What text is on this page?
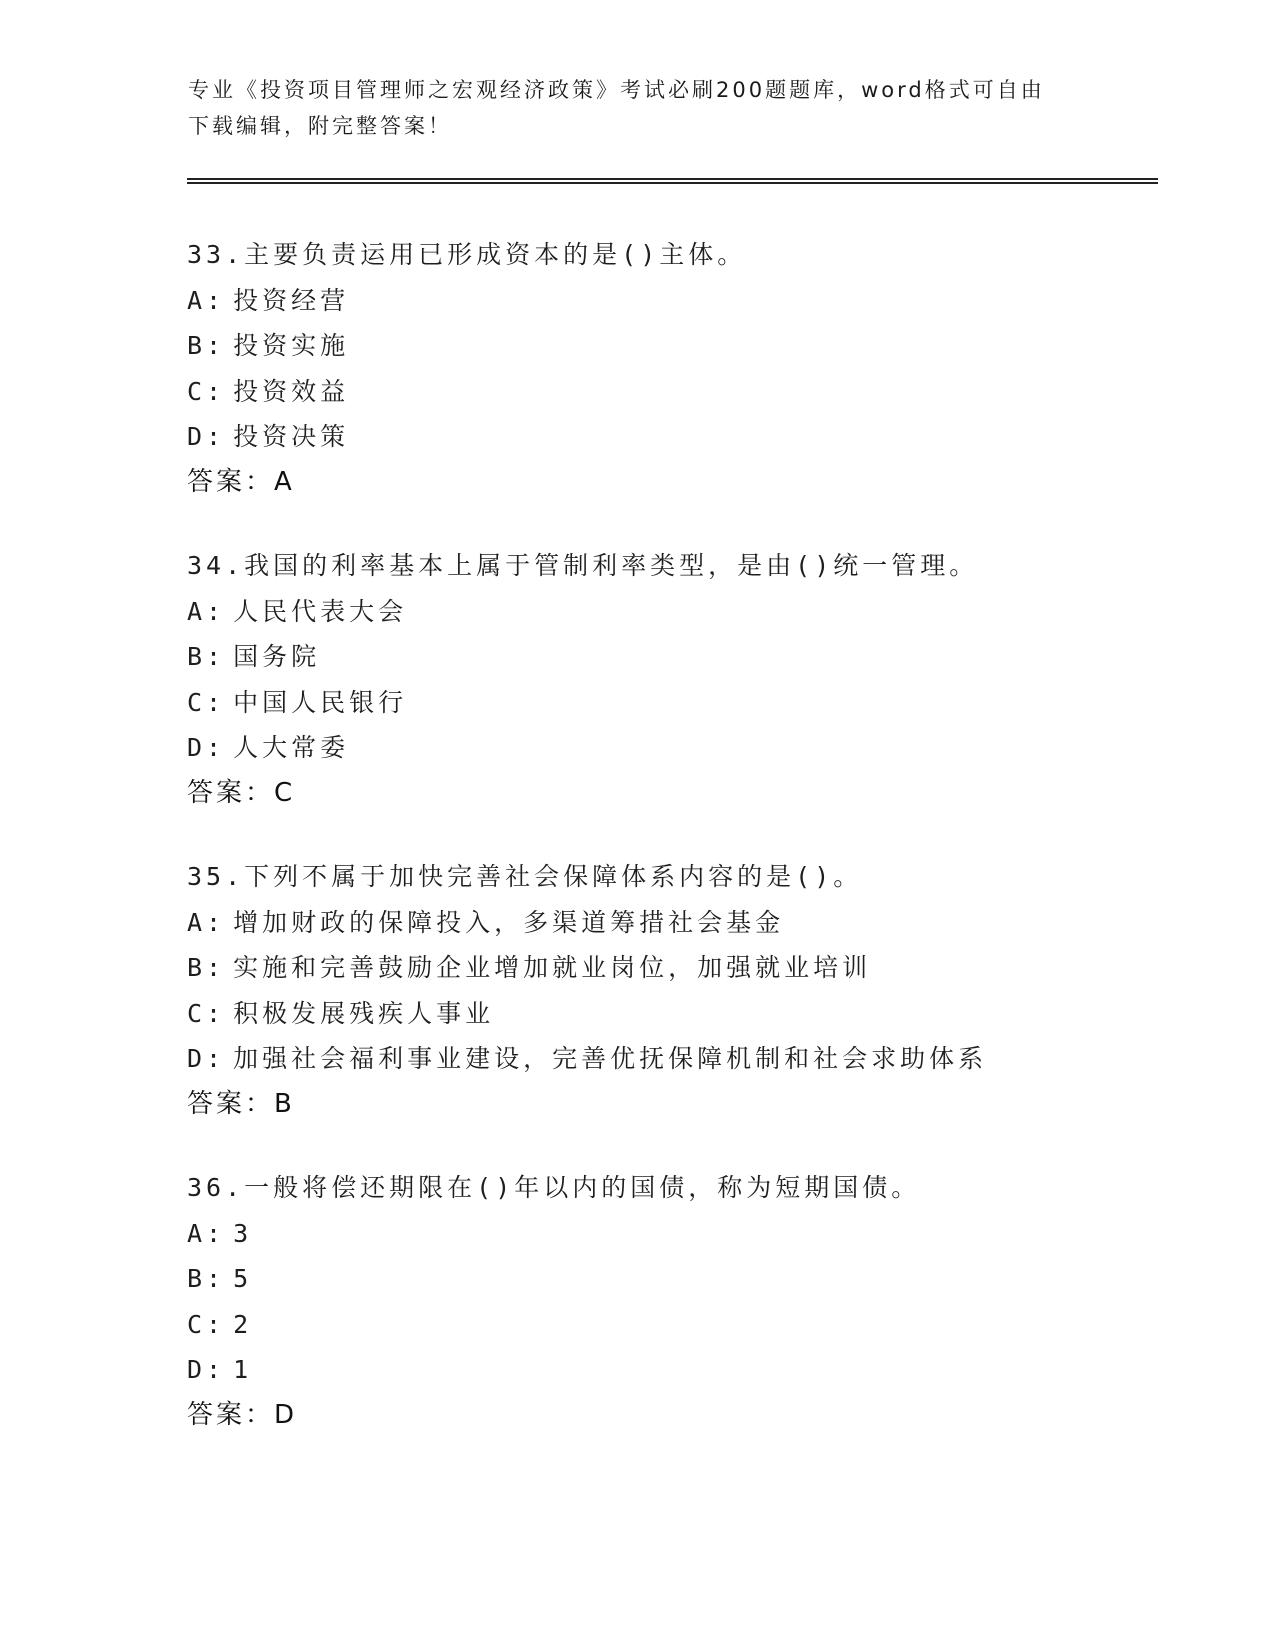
专业《投资项目管理师之宏观经济政策》考试必刷200题题库，word格式可自由
下载编辑，附完整答案！
33.主要负责运用已形成资本的是()主体。
A: 投资经营
B: 投资实施
C: 投资效益
D: 投资决策
答案：A
34.我国的利率基本上属于管制利率类型，是由()统一管理。
A: 人民代表大会
B: 国务院
C: 中国人民银行
D: 人大常委
答案：C
35.下列不属于加快完善社会保障体系内容的是()。
A: 增加财政的保障投入，多渠道筹措社会基金
B: 实施和完善鼓励企业增加就业岗位，加强就业培训
C: 积极发展残疾人事业
D: 加强社会福利事业建设，完善优抚保障机制和社会求助体系
答案：B
36.一般将偿还期限在()年以内的国债，称为短期国债。
A: 3
B: 5
C: 2
D: 1
答案：D
